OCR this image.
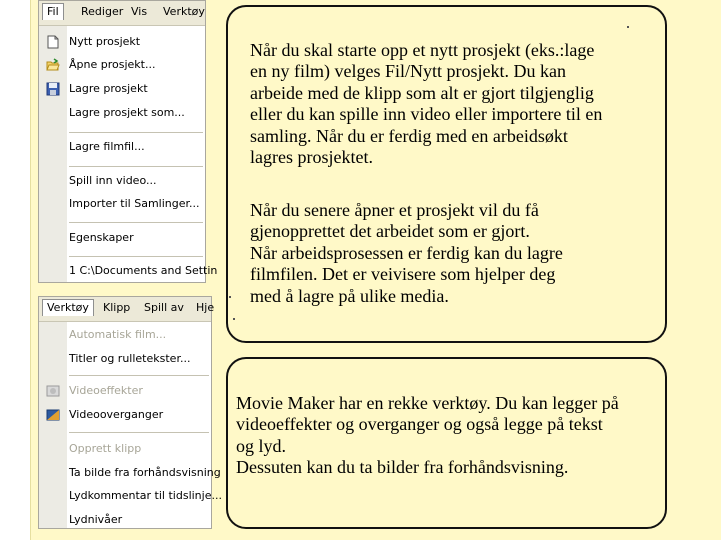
Fil	Rediger Vis	Verktøy
Nytt prosjekt
Åpne prosjekt...
Lagre prosjekt
Lagre prosjekt som...
Lagre filmfil...
Spill inn video...
Importer til Samlinger...
Egenskaper
1 C:\Documents and Settin
Verktøy	Klipp	Spill av	Hje
Automatisk film...
Titler og rulletekster...
Videoeffekter
Videooverganger
Opprett klipp
Ta bilde fra forhåndsvisning
Lydkommentar til tidslinje...
Lydnivåer

Når du skal starte opp et nytt prosjekt (eks.:lage
en ny film) velges Fil/Nytt prosjekt. Du kan
arbeide med de klipp som alt er gjort tilgjenglig
eller du kan spille inn video eller importere til en
samling. Når du er ferdig med en arbeidsøkt
lagres prosjektet.

Når du senere åpner et prosjekt vil du få
gjenopprettet det arbeidet som er gjort.
Når arbeidsprosessen er ferdig kan du lagre
filmfilen. Det er veivisere som hjelper deg
med å lagre på ulike media.

Movie Maker har en rekke verktøy. Du kan legger på
videoeffekter og overganger og også legge på tekst
og lyd.
Dessuten kan du ta bilder fra forhåndsvisning.
